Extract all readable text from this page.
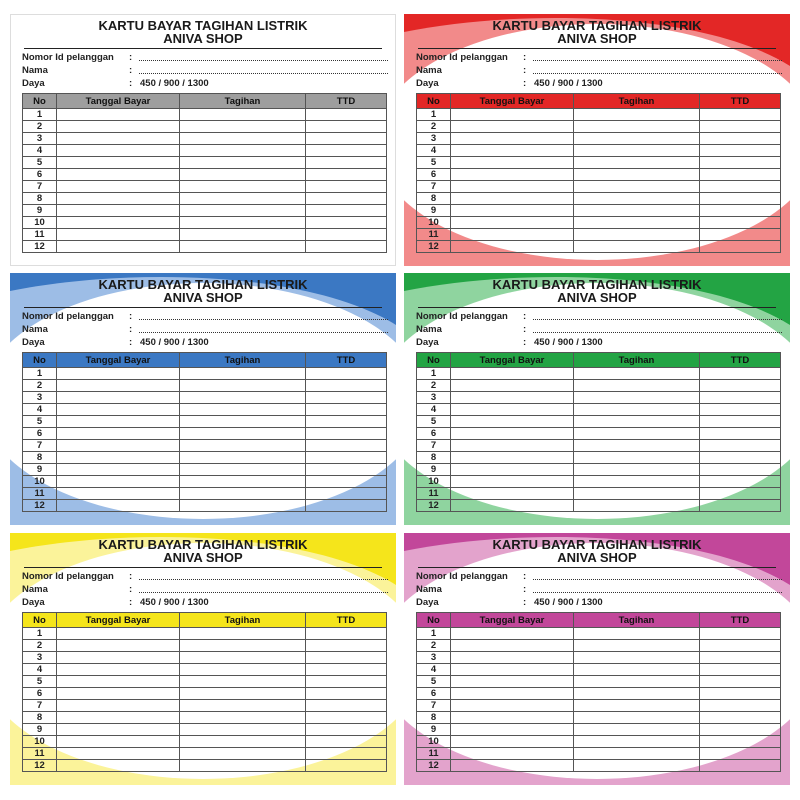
KARTU BAYAR TAGIHAN LISTRIK
ANIVA SHOP
Nomor Id pelanggan :
Nama	:
Daya	: 450 / 900 / 1300
No	Tanggal Bayar	Tagihan	TTD
1			
2			
3			
4			
5			
6			
7			
8			
9			
10			
11			
12			
KARTU BAYAR TAGIHAN LISTRIK
ANIVA SHOP
Nomor Id pelanggan :
Nama	:
Daya	: 450 / 900 / 1300
No	Tanggal Bayar	Tagihan	TTD
1			
2			
3			
4			
5			
6			
7			
8			
9			
10			
11			
12			
KARTU BAYAR TAGIHAN LISTRIK
ANIVA SHOP
Nomor Id pelanggan :
Nama	:
Daya	: 450 / 900 / 1300
No	Tanggal Bayar	Tagihan	TTD
1			
2			
3			
4			
5			
6			
7			
8			
9			
10			
11			
12			
KARTU BAYAR TAGIHAN LISTRIK
ANIVA SHOP
Nomor Id pelanggan :
Nama	:
Daya	: 450 / 900 / 1300
No	Tanggal Bayar	Tagihan	TTD
1			
2			
3			
4			
5			
6			
7			
8			
9			
10			
11			
12			
KARTU BAYAR TAGIHAN LISTRIK
ANIVA SHOP
Nomor Id pelanggan :
Nama	:
Daya	: 450 / 900 / 1300
No	Tanggal Bayar	Tagihan	TTD
1			
2			
3			
4			
5			
6			
7			
8			
9			
10			
11			
12			
KARTU BAYAR TAGIHAN LISTRIK
ANIVA SHOP
Nomor Id pelanggan :
Nama	:
Daya	: 450 / 900 / 1300
No	Tanggal Bayar	Tagihan	TTD
1			
2			
3			
4			
5			
6			
7			
8			
9			
10			
11			
12			
